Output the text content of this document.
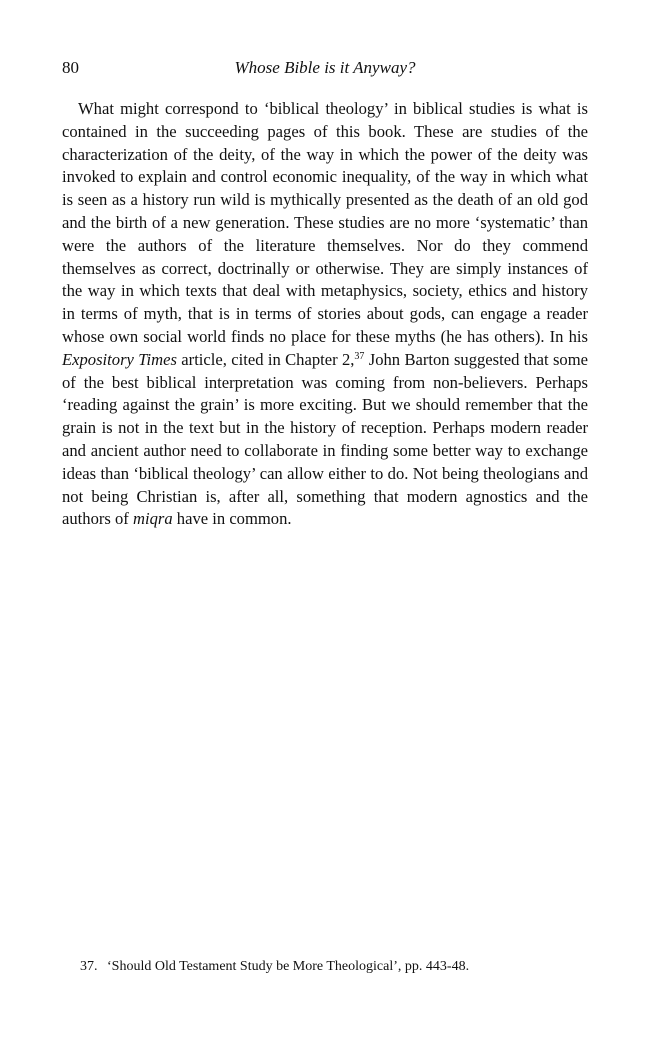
80	Whose Bible is it Anyway?

What might correspond to ‘biblical theology’ in biblical studies is what is contained in the succeeding pages of this book. These are studies of the characterization of the deity, of the way in which the power of the deity was invoked to explain and control economic inequality, of the way in which what is seen as a history run wild is mythically presented as the death of an old god and the birth of a new generation. These studies are no more ‘systematic’ than were the authors of the literature themselves. Nor do they commend themselves as correct, doctrinally or otherwise. They are simply instances of the way in which texts that deal with metaphysics, society, ethics and history in terms of myth, that is in terms of stories about gods, can engage a reader whose own social world finds no place for these myths (he has others). In his Expository Times article, cited in Chapter 2,37 John Barton suggested that some of the best biblical interpretation was coming from non-believers. Perhaps ‘reading against the grain’ is more exciting. But we should remember that the grain is not in the text but in the history of reception. Perhaps modern reader and ancient author need to collaborate in finding some better way to exchange ideas than ‘biblical theology’ can allow either to do. Not being theologians and not being Christian is, after all, something that modern agnostics and the authors of miqra have in common.

37. ‘Should Old Testament Study be More Theological’, pp. 443-48.
